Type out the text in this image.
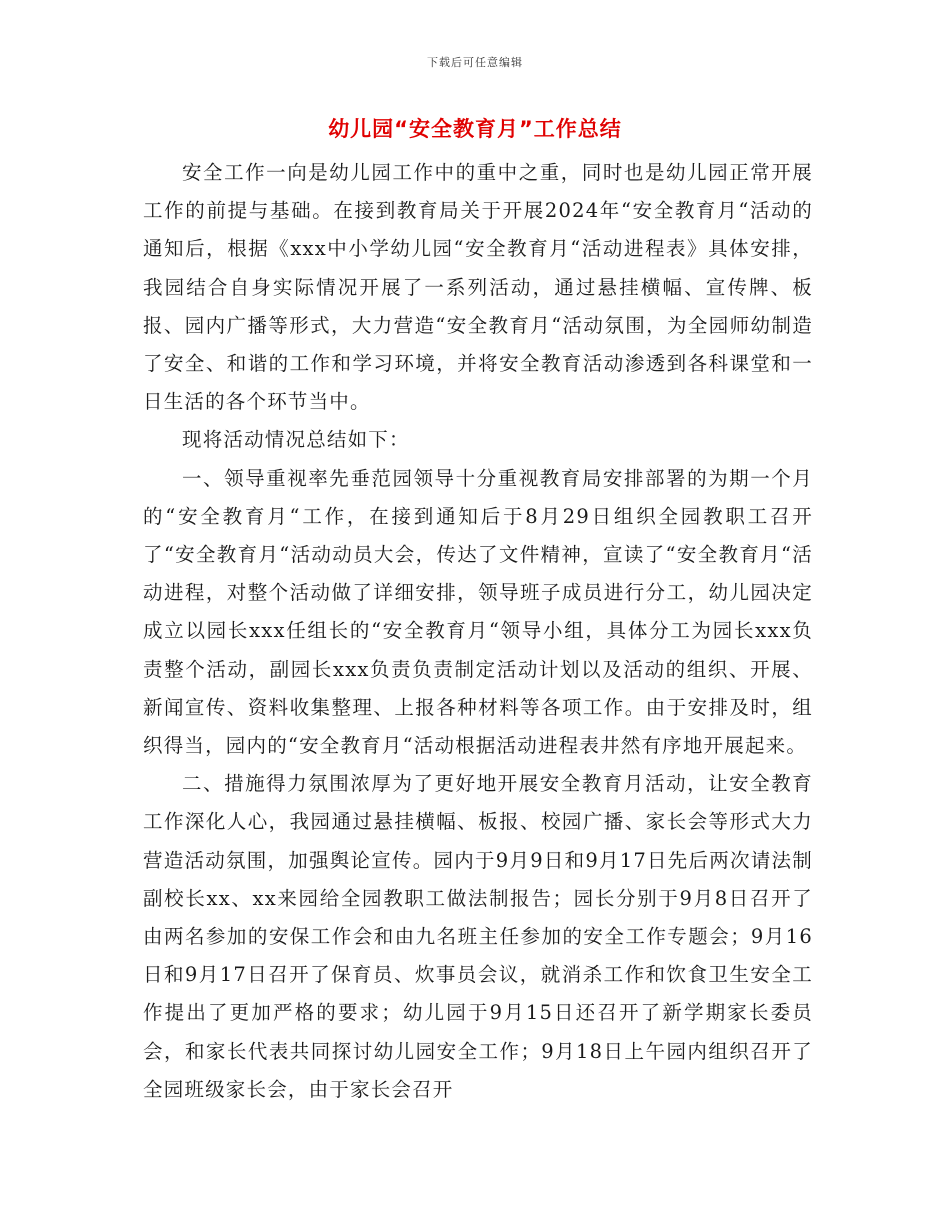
下载后可任意编辑
幼儿园“安全教育月”工作总结

安全工作一向是幼儿园工作中的重中之重，同时也是幼儿园正常开展工作的前提与基础。在接到教育局关于开展2024年“安全教育月“活动的通知后，根据《xxx中小学幼儿园“安全教育月“活动进程表》具体安排，我园结合自身实际情况开展了一系列活动，通过悬挂横幅、宣传牌、板报、园内广播等形式，大力营造“安全教育月“活动氛围，为全园师幼制造了安全、和谐的工作和学习环境，并将安全教育活动渗透到各科课堂和一日生活的各个环节当中。

现将活动情况总结如下：

一、领导重视率先垂范园领导十分重视教育局安排部署的为期一个月的“安全教育月“工作，在接到通知后于8月29日组织全园教职工召开了“安全教育月“活动动员大会，传达了文件精神，宣读了“安全教育月“活动进程，对整个活动做了详细安排，领导班子成员进行分工，幼儿园决定成立以园长xxx任组长的“安全教育月“领导小组，具体分工为园长xxx负责整个活动，副园长xxx负责负责制定活动计划以及活动的组织、开展、新闻宣传、资料收集整理、上报各种材料等各项工作。由于安排及时，组织得当，园内的“安全教育月“活动根据活动进程表井然有序地开展起来。

二、措施得力氛围浓厚为了更好地开展安全教育月活动，让安全教育工作深化人心，我园通过悬挂横幅、板报、校园广播、家长会等形式大力营造活动氛围，加强舆论宣传。园内于9月9日和9月17日先后两次请法制副校长xx、xx来园给全园教职工做法制报告；园长分别于9月8日召开了由两名参加的安保工作会和由九名班主任参加的安全工作专题会；9月16日和9月17日召开了保育员、炊事员会议，就消杀工作和饮食卫生安全工作提出了更加严格的要求；幼儿园于9月15日还召开了新学期家长委员会，和家长代表共同探讨幼儿园安全工作；9月18日上午园内组织召开了全园班级家长会，由于家长会召开
